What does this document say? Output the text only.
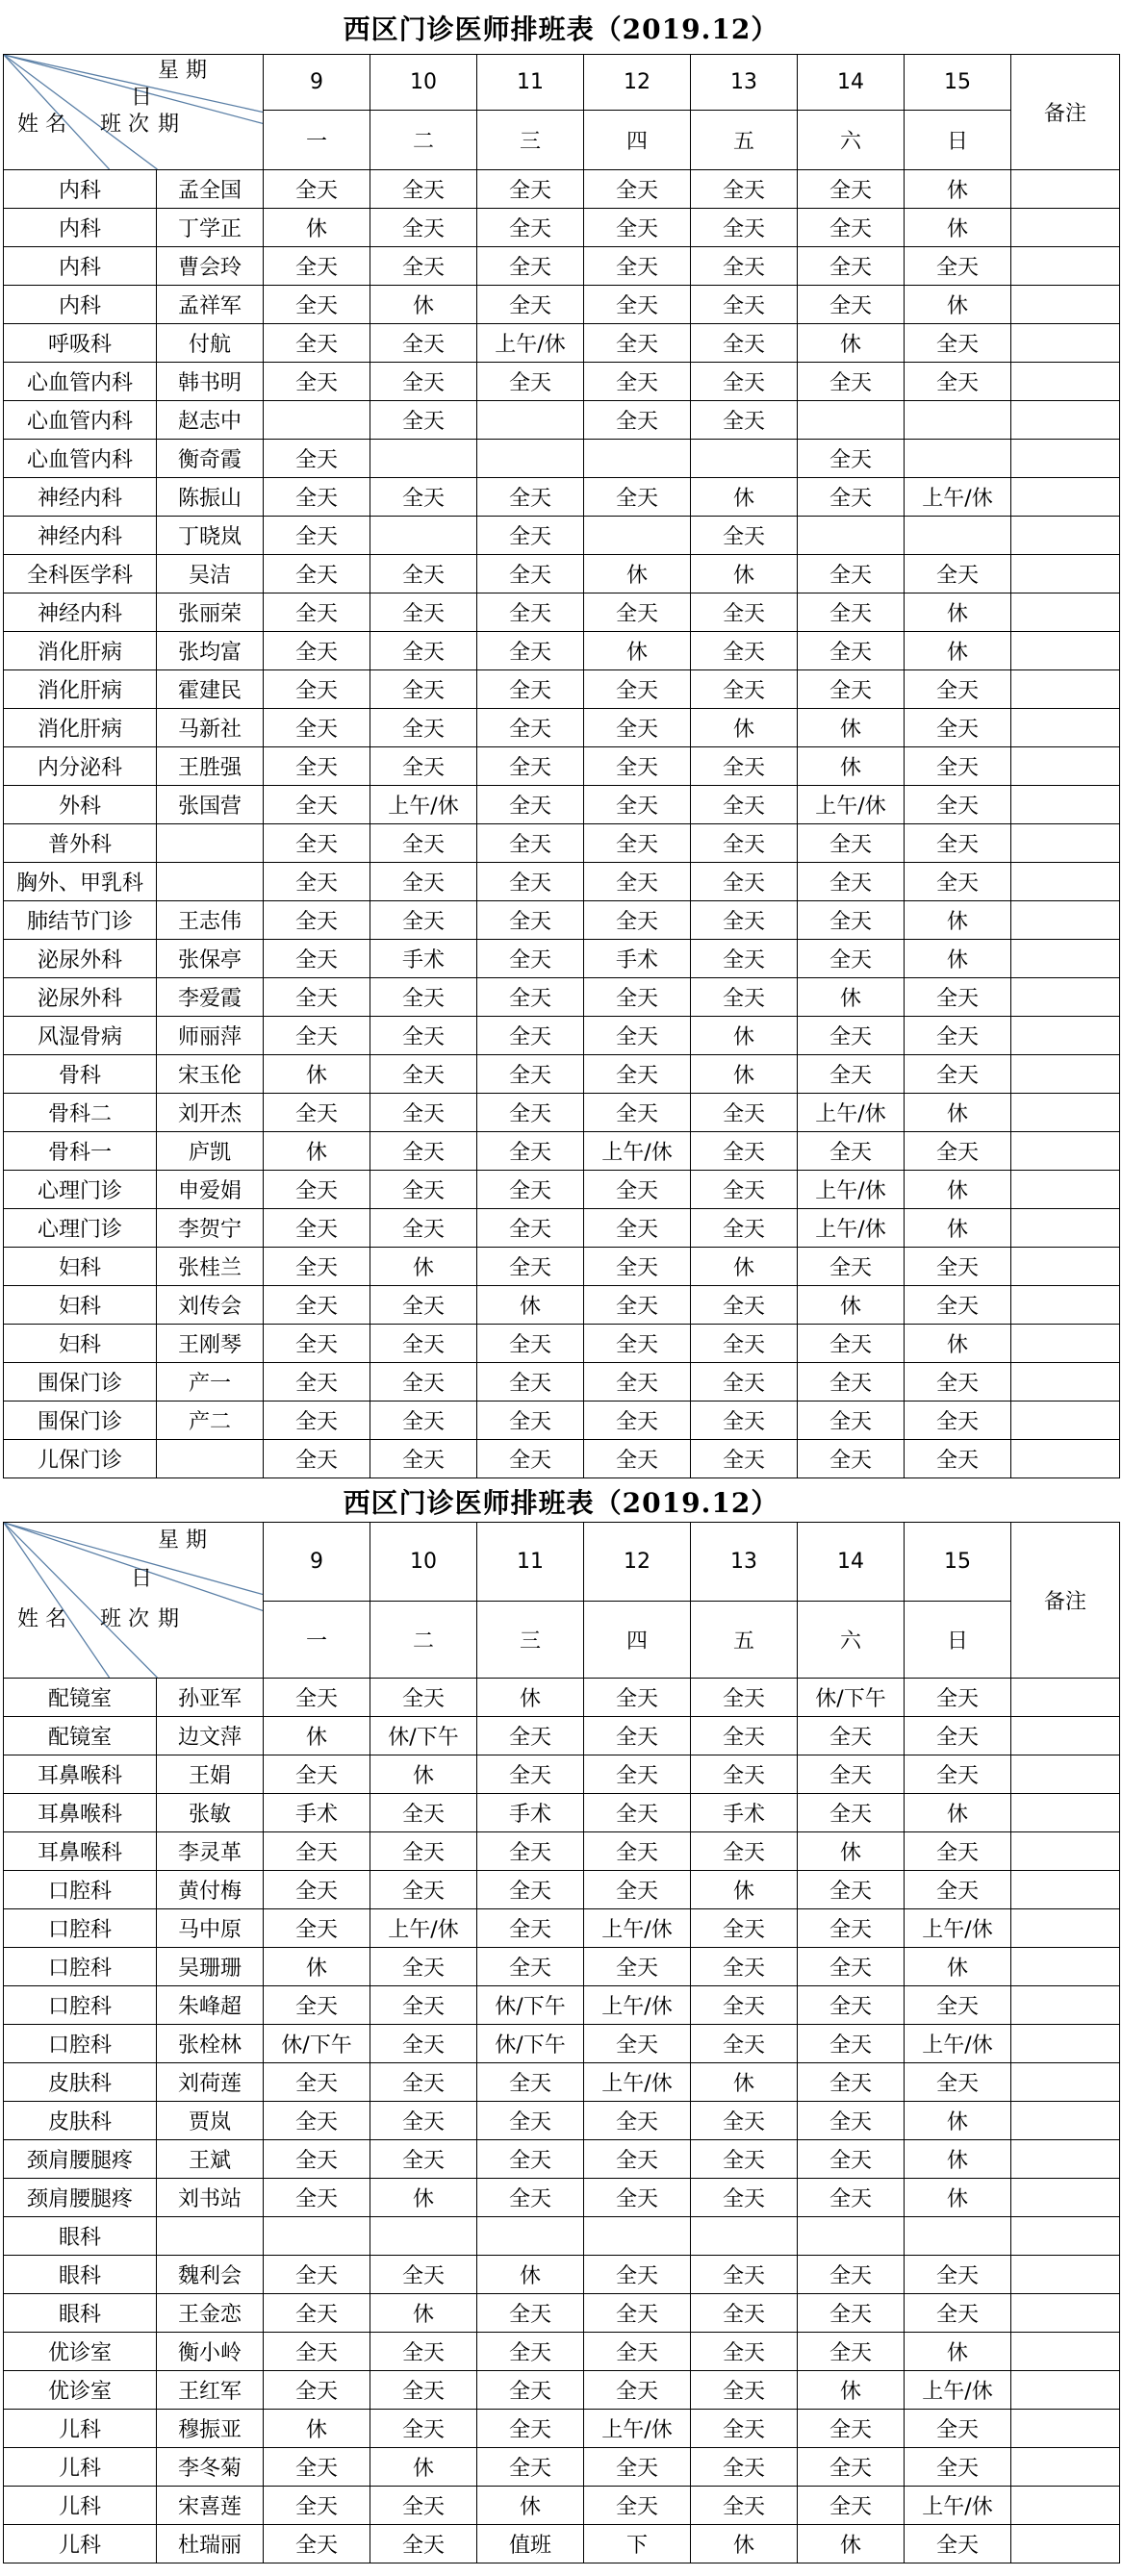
西区门诊医师排班表（2019.12）
星 期
日
期
姓 名 班 次		9	10	11	12	13	14	15	备注
		一	二	三	四	五	六	日	
内科	孟全国	全天	全天	全天	全天	全天	全天	休	
内科	丁学正	休	全天	全天	全天	全天	全天	休	
内科	曹会玲	全天	全天	全天	全天	全天	全天	全天	
内科	孟祥军	全天	休	全天	全天	全天	全天	休	
呼吸科	付航	全天	全天	上午/休	全天	全天	休	全天	
心血管内科	韩书明	全天	全天	全天	全天	全天	全天	全天	
心血管内科	赵志中		全天		全天	全天			
心血管内科	衡奇霞	全天					全天		
神经内科	陈振山	全天	全天	全天	全天	休	全天	上午/休	
神经内科	丁晓岚	全天		全天		全天			
全科医学科	吴洁	全天	全天	全天	休	休	全天	全天	
神经内科	张丽荣	全天	全天	全天	全天	全天	全天	休	
消化肝病	张均富	全天	全天	全天	休	全天	全天	休	
消化肝病	霍建民	全天	全天	全天	全天	全天	全天	全天	
消化肝病	马新社	全天	全天	全天	全天	休	休	全天	
内分泌科	王胜强	全天	全天	全天	全天	全天	休	全天	
外科	张国营	全天	上午/休	全天	全天	全天	上午/休	全天	
普外科		全天	全天	全天	全天	全天	全天	全天	
胸外、甲乳科		全天	全天	全天	全天	全天	全天	全天	
肺结节门诊	王志伟	全天	全天	全天	全天	全天	全天	休	
泌尿外科	张保亭	全天	手术	全天	手术	全天	全天	休	
泌尿外科	李爱霞	全天	全天	全天	全天	全天	休	全天	
风湿骨病	师丽萍	全天	全天	全天	全天	休	全天	全天	
骨科	宋玉伦	休	全天	全天	全天	休	全天	全天	
骨科二	刘开杰	全天	全天	全天	全天	全天	上午/休	休	
骨科一	庐凯	休	全天	全天	上午/休	全天	全天	全天	
心理门诊	申爱娟	全天	全天	全天	全天	全天	上午/休	休	
心理门诊	李贺宁	全天	全天	全天	全天	全天	上午/休	休	
妇科	张桂兰	全天	休	全天	全天	休	全天	全天	
妇科	刘传会	全天	全天	休	全天	全天	休	全天	
妇科	王刚琴	全天	全天	全天	全天	全天	全天	休	
围保门诊	产一	全天	全天	全天	全天	全天	全天	全天	
围保门诊	产二	全天	全天	全天	全天	全天	全天	全天	
儿保门诊		全天	全天	全天	全天	全天	全天	全天	
西区门诊医师排班表（2019.12）
星 期
日
期
姓 名 班 次		9	10	11	12	13	14	15	备注
		一	二	三	四	五	六	日	
配镜室	孙亚军	全天	全天	休	全天	全天	休/下午	全天	
配镜室	边文萍	休	休/下午	全天	全天	全天	全天	全天	
耳鼻喉科	王娟	全天	休	全天	全天	全天	全天	全天	
耳鼻喉科	张敏	手术	全天	手术	全天	手术	全天	休	
耳鼻喉科	李灵革	全天	全天	全天	全天	全天	休	全天	
口腔科	黄付梅	全天	全天	全天	全天	休	全天	全天	
口腔科	马中原	全天	上午/休	全天	上午/休	全天	全天	上午/休	
口腔科	吴珊珊	休	全天	全天	全天	全天	全天	休	
口腔科	朱峰超	全天	全天	休/下午	上午/休	全天	全天	全天	
口腔科	张栓林	休/下午	全天	休/下午	全天	全天	全天	上午/休	
皮肤科	刘荷莲	全天	全天	全天	上午/休	休	全天	全天	
皮肤科	贾岚	全天	全天	全天	全天	全天	全天	休	
颈肩腰腿疼	王斌	全天	全天	全天	全天	全天	全天	休	
颈肩腰腿疼	刘书站	全天	休	全天	全天	全天	全天	休	
眼科									
眼科	魏利会	全天	全天	休	全天	全天	全天	全天	
眼科	王金恋	全天	休	全天	全天	全天	全天	全天	
优诊室	衡小岭	全天	全天	全天	全天	全天	全天	休	
优诊室	王红军	全天	全天	全天	全天	全天	休	上午/休	
儿科	穆振亚	休	全天	全天	上午/休	全天	全天	全天	
儿科	李冬菊	全天	休	全天	全天	全天	全天	全天	
儿科	宋喜莲	全天	全天	休	全天	全天	全天	上午/休	
儿科	杜瑞丽	全天	全天	值班	下	休	休	全天	
